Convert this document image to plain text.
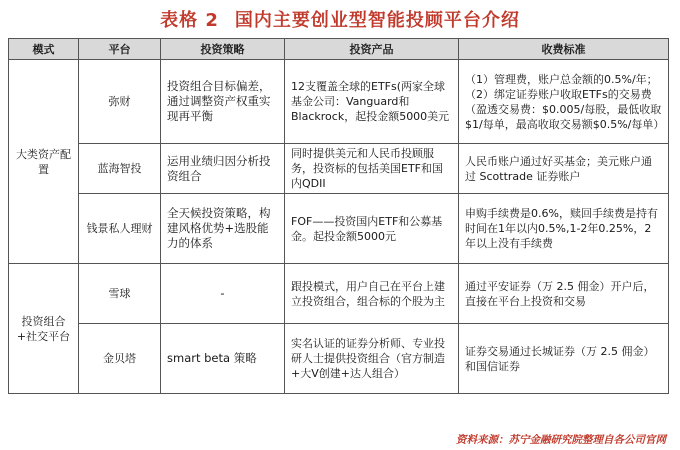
表格 2 国内主要创业型智能投顾平台介绍
模式	平台	投资策略	投资产品	收费标准
大类资产配置	弥财	投资组合目标偏差，通过调整资产权重实现再平衡	12支覆盖全球的ETFs(两家全球基金公司：Vanguard和Blackrock，起投金额5000美元	（1）管理费，账户总金额的0.5%/年；（2）绑定证券账户收取ETFs的交易费（盈透交易费：$0.005/每股，最低收取$1/每单，最高收取交易额$0.5%/每单）
	蓝海智投	运用业绩归因分析投资组合	同时提供美元和人民币投顾服务，投资标的包括美国ETF和国内QDII	人民币账户通过好买基金；美元账户通过 Scottrade 证券账户
	钱景私人理财	全天候投资策略，构建风格优势+选股能力的体系	FOF——投资国内ETF和公募基金。起投金额5000元	申购手续费是0.6%，赎回手续费是持有时间在1年以内0.5%,1-2年0.25%，2年以上没有手续费
投资组合+社交平台	雪球	-	跟投模式，用户自己在平台上建立投资组合，组合标的个股为主	通过平安证券（万 2.5 佣金）开户后，直接在平台上投资和交易
	金贝塔	smart beta 策略	实名认证的证券分析师、专业投研人士提供投资组合（官方制造+大V创建+达人组合）	证券交易通过长城证券（万 2.5 佣金）和国信证券
资料来源：苏宁金融研究院整理自各公司官网
